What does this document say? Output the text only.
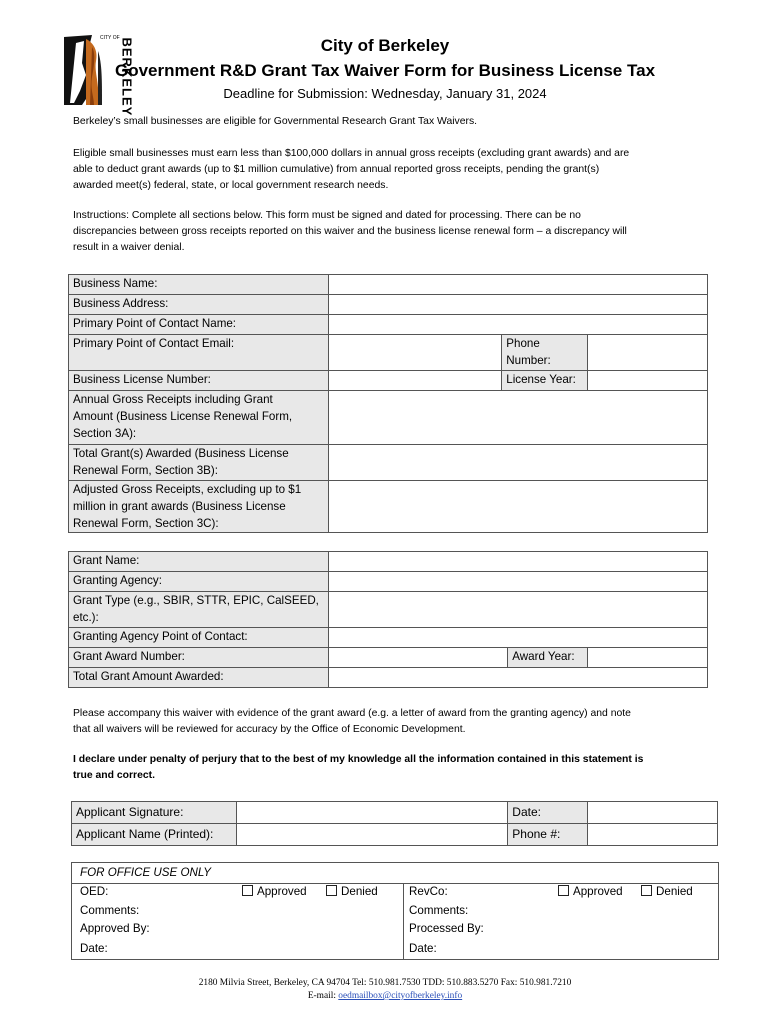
CITY OF BERKELEY	City of Berkeley
Government R&D Grant Tax Waiver Form for Business License Tax
Deadline for Submission: Wednesday, January 31, 2024
Berkeley’s small businesses are eligible for Governmental Research Grant Tax Waivers.
Eligible small businesses must earn less than $100,000 dollars in annual gross receipts (excluding grant awards) and are
able to deduct grant awards (up to $1 million cumulative) from annual reported gross receipts, pending the grant(s)
awarded meet(s) federal, state, or local government research needs.
Instructions: Complete all sections below. This form must be signed and dated for processing. There can be no
discrepancies between gross receipts reported on this waiver and the business license renewal form – a discrepancy will
result in a waiver denial.
Business Name:			
Business Address:			
Primary Point of Contact Name:			
Primary Point of Contact Email:		Phone
Number:	

Business License Number:		License Year:	

Annual Gross Receipts including Grant
Amount (Business License Renewal Form,
Section 3A):			

Total Grant(s) Awarded (Business License
Renewal Form, Section 3B):			

Adjusted Gross Receipts, excluding up to $1
million in grant awards (Business License
Renewal Form, Section 3C):			

Grant Name:			
Granting Agency:			

Grant Type (e.g., SBIR, STTR, EPIC, CalSEED,
etc.):			

Granting Agency Point of Contact:			
Grant Award Number:		Award Year:	
Total Grant Amount Awarded:			
Please accompany this waiver with evidence of the grant award (e.g. a letter of award from the granting agency) and note
that all waivers will be reviewed for accuracy by the Office of Economic Development.
I declare under penalty of perjury that to the best of my knowledge all the information contained in this statement is
true and correct.
Applicant Signature:		Date:	
Applicant Name (Printed):		Phone #:	
FOR OFFICE USE ONLY
OED:	Approved	Denied
Comments:
Approved By:
Date:
RevCo:	Approved	Denied
Comments:
Processed By:
Date:
2180 Milvia Street, Berkeley, CA 94704 Tel: 510.981.7530 TDD: 510.883.5270 Fax: 510.981.7210
E-mail: oedmailbox@cityofberkeley.info
